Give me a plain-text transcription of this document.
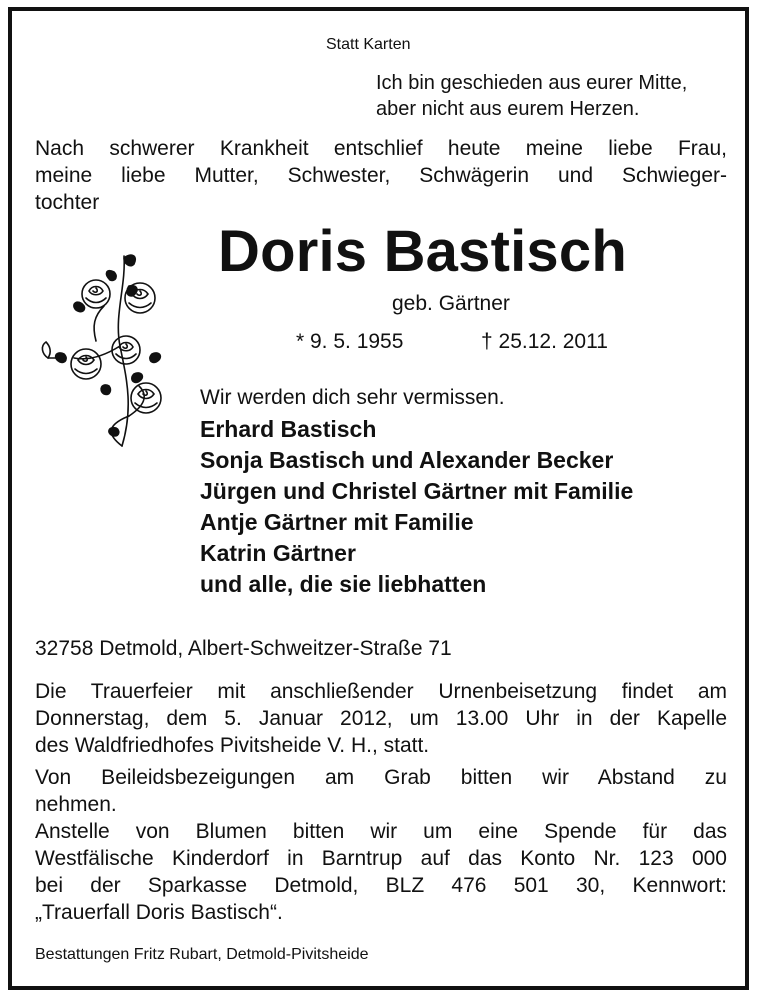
Statt Karten

Ich bin geschieden aus eurer Mitte,
aber nicht aus eurem Herzen.
Nach schwerer Krankheit entschlief heute meine liebe Frau,
meine liebe Mutter, Schwester, Schwägerin und Schwieger-
tochter
Doris Bastisch

geb. Gärtner

* 9. 5. 1955	† 25.12. 2011

Wir werden dich sehr vermissen.

Erhard Bastisch

Sonja Bastisch und Alexander Becker

Jürgen und Christel Gärtner mit Familie

Antje Gärtner mit Familie

Katrin Gärtner

und alle, die sie liebhatten

32758 Detmold, Albert-Schweitzer-Straße 71

Die Trauerfeier mit anschließender Urnenbeisetzung findet am
Donnerstag, dem 5. Januar 2012, um 13.00 Uhr in der Kapelle
des Waldfriedhofes Pivitsheide V. H., statt.
Von Beileidsbezeigungen am Grab bitten wir Abstand zu
nehmen.
Anstelle von Blumen bitten wir um eine Spende für das
Westfälische Kinderdorf in Barntrup auf das Konto Nr. 123 000
bei der Sparkasse Detmold, BLZ 476 501 30, Kennwort:
„Trauerfall Doris Bastisch“.

Bestattungen Fritz Rubart, Detmold-Pivitsheide
